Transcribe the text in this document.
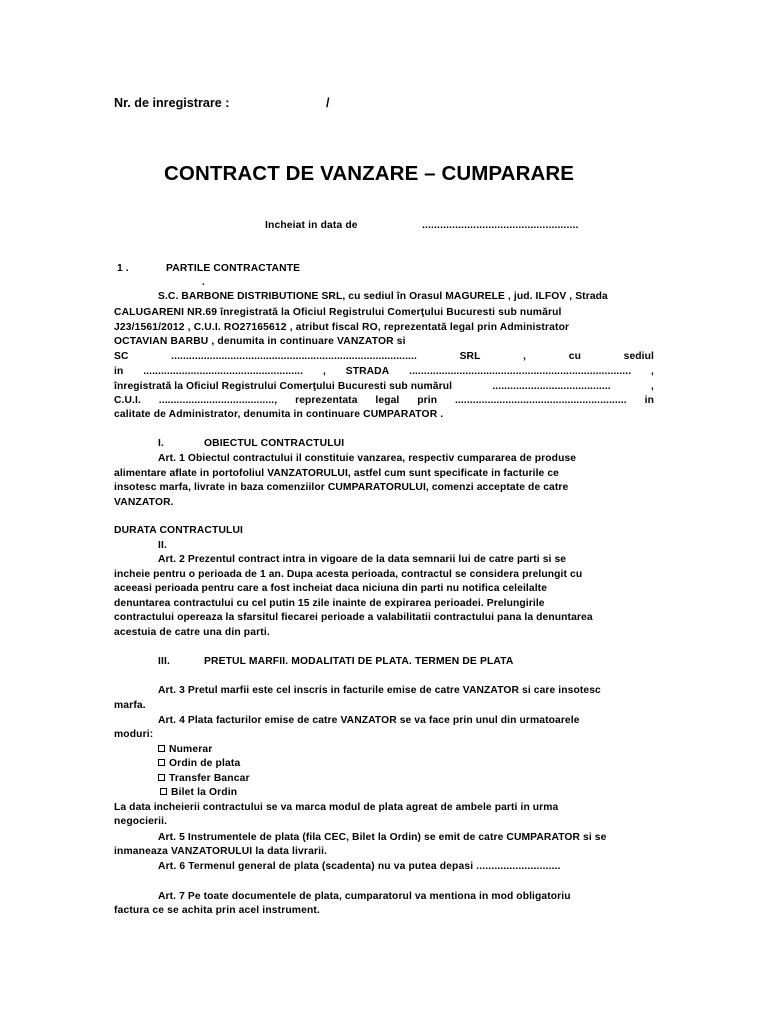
Nr. de inregistrare :	/

CONTRACT DE VANZARE – CUMPARARE

Incheiat in data de	....................................................

1 .	PARTILE CONTRACTANTE

.

S.C. BARBONE DISTRIBUTIONE SRL, cu sediul în Orasul MAGURELE , jud. ILFOV , Strada

CALUGARENI NR.69 înregistrată la Oficiul Registrului Comerţului Bucuresti sub numărul

J23/1561/2012 , C.U.I. RO27165612 , atribut fiscal RO, reprezentată legal prin Administrator

OCTAVIAN BARBU , denumita in continuare VANZATOR si

SC	...................................................................................	SRL	,	cu	sediul
in ...................................................... , STRADA ........................................................................... ,
înregistrată la Oficiul Registrului Comerţului Bucuresti sub numărul	........................................	,
C.U.I. ......................................., reprezentata legal prin .......................................................... in

calitate de Administrator, denumita in continuare CUMPARATOR .

I.	OBIECTUL CONTRACTULUI

Art. 1 Obiectul contractului il constituie vanzarea, respectiv cumpararea de produse
alimentare aflate in portofoliul VANZATORULUI, astfel cum sunt specificate in facturile ce
insotesc marfa, livrate in baza comenziilor CUMPARATORULUI, comenzi acceptate de catre

VANZATOR.

DURATA CONTRACTULUI

II.

Art. 2 Prezentul contract intra in vigoare de la data semnarii lui de catre parti si se
incheie pentru o perioada de 1 an. Dupa acesta perioada, contractul se considera prelungit cu
aceeasi perioada pentru care a fost incheiat daca niciuna din parti nu notifica celeilalte
denuntarea contractului cu cel putin 15 zile inainte de expirarea perioadei. Prelungirile
contractului opereaza la sfarsitul fiecarei perioade a valabilitatii contractului pana la denuntarea

acestuia de catre una din parti.

III.	PRETUL MARFII. MODALITATI DE PLATA. TERMEN DE PLATA

Art. 3 Pretul marfii este cel inscris in facturile emise de catre VANZATOR si care insotesc

marfa.

Art. 4 Plata facturilor emise de catre VANZATOR se va face prin unul din urmatoarele

moduri:

Numerar

Ordin de plata

Transfer Bancar

Bilet la Ordin

La data incheierii contractului se va marca modul de plata agreat de ambele parti in urma

negocierii.

Art. 5 Instrumentele de plata (fila CEC, Bilet la Ordin) se emit de catre CUMPARATOR si se

inmaneaza VANZATORULUI la data livrarii.

Art. 6 Termenul general de plata (scadenta) nu va putea depasi ............................

Art. 7 Pe toate documentele de plata, cumparatorul va mentiona in mod obligatoriu

factura ce se achita prin acel instrument.
